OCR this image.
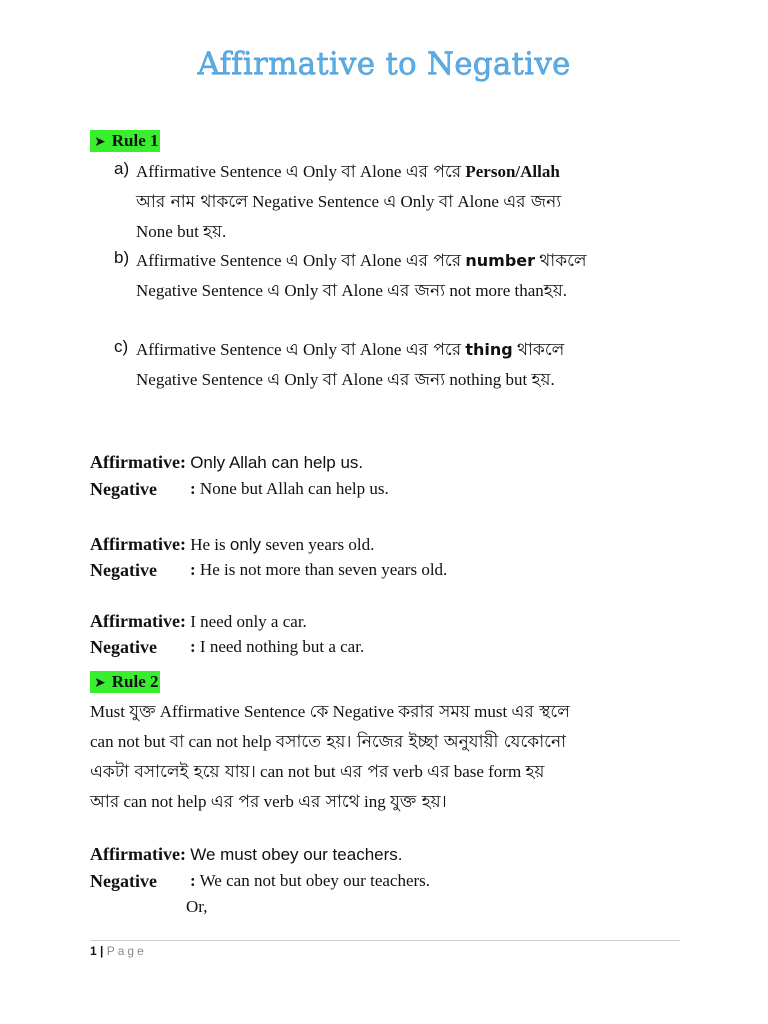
Affirmative to Negative
➤ Rule 1
a) Affirmative Sentence এ Only বা Alone এর পরে Person/Allah
আর নাম থাকলে Negative Sentence এ Only বা Alone এর জন্য
None but হয়.
b) Affirmative Sentence এ Only বা Alone এর পরে number থাকলে
Negative Sentence এ Only বা Alone এর জন্য not more thanহয়.
c) Affirmative Sentence এ Only বা Alone এর পরে thing থাকলে
Negative Sentence এ Only বা Alone এর জন্য nothing but হয়.
Affirmative: Only Allah can help us.
Negative : None but Allah can help us.
Affirmative: He is only seven years old.
Negative : He is not more than seven years old.
Affirmative: I need only a car.
Negative : I need nothing but a car.
➤ Rule 2
Must যুক্ত Affirmative Sentence কে Negative করার সময় must এর স্থলে
can not but বা can not help বসাতে হয়। নিজের ইচ্ছা অনুযায়ী যেকোনো
একটা বসালেই হয়ে যায়। can not but এর পর verb এর base form হয়
আর can not help এর পর verb এর সাথে ing যুক্ত হয়।
Affirmative: We must obey our teachers.
Negative : We can not but obey our teachers.
Or,
1 | Page
